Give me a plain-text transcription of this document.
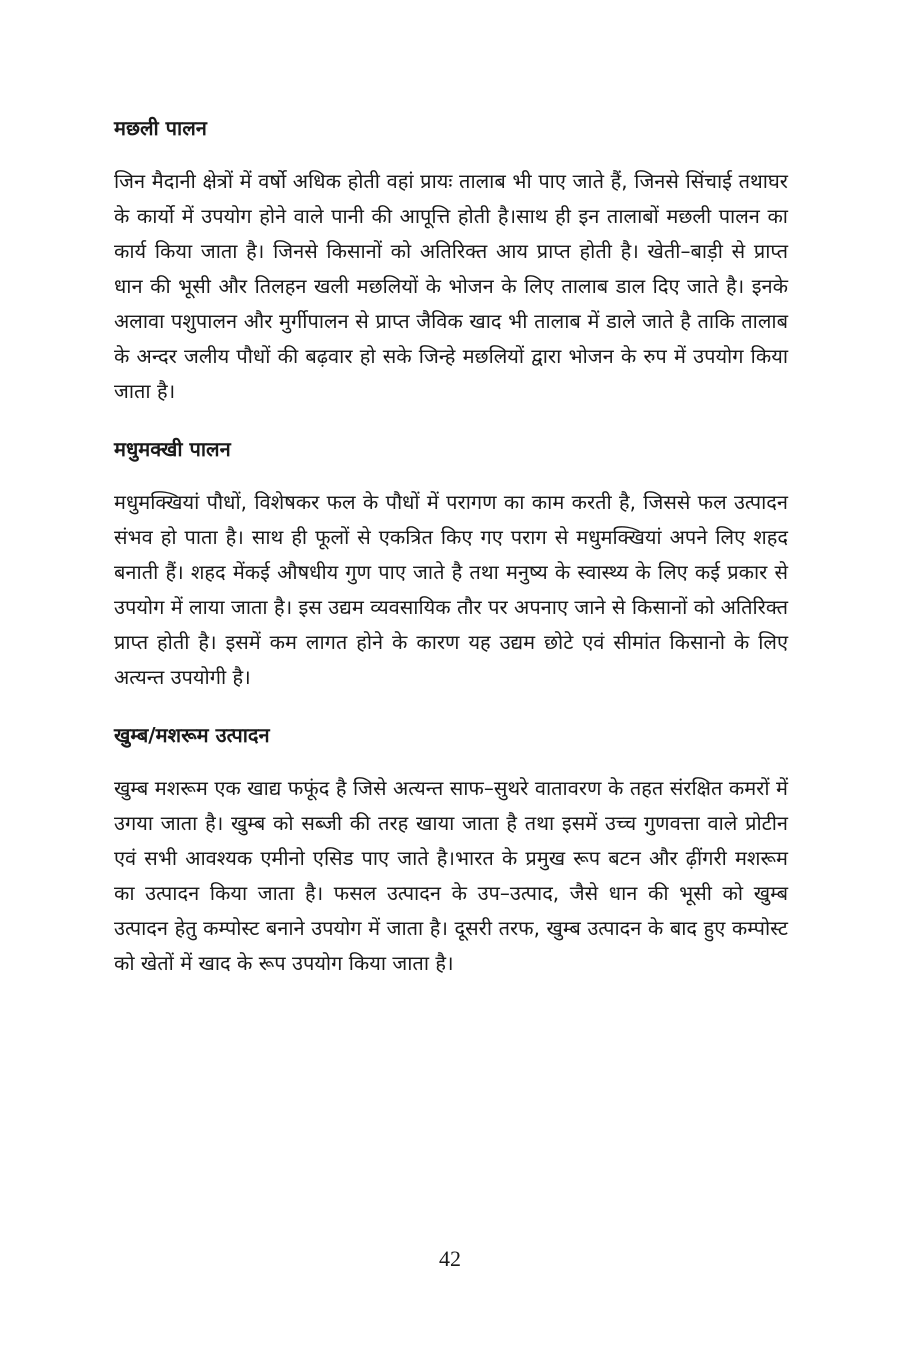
मछली पालन

जिन मैदानी क्षेत्रों में वर्षो अधिक होती वहां प्रायः तालाब भी पाए जाते हैं, जिनसे सिंचाई तथाघर के कार्यो में उपयोग होने वाले पानी की आपूत्ति होती है।साथ ही इन तालाबों मछली पालन का कार्य किया जाता है। जिनसे किसानों को अतिरिक्त आय प्राप्त होती है। खेती–बाड़ी से प्राप्त धान की भूसी और तिलहन खली मछलियों के भोजन के लिए तालाब डाल दिए जाते है। इनके अलावा पशुपालन और मुर्गीपालन से प्राप्त जैविक खाद भी तालाब में डाले जाते है ताकि तालाब के अन्दर जलीय पौधों की बढ़वार हो सके जिन्हे मछलियों द्वारा भोजन के रुप में उपयोग किया जाता है।

मधुमक्खी पालन

मधुमक्खियां पौधों, विशेषकर फल के पौधों में परागण का काम करती है, जिससे फल उत्पादन संभव हो पाता है। साथ ही फूलों से एकत्रित किए गए पराग से मधुमक्खियां अपने लिए शहद बनाती हैं। शहद मेंकई औषधीय गुण पाए जाते है तथा मनुष्य के स्वास्थ्य के लिए कई प्रकार से उपयोग में लाया जाता है। इस उद्यम व्यवसायिक तौर पर अपनाए जाने से किसानों को अतिरिक्त प्राप्त होती है। इसमें कम लागत होने के कारण यह उद्यम छोटे एवं सीमांत किसानो के लिए अत्यन्त उपयोगी है।

खुम्ब/मशरूम उत्पादन

खुम्ब मशरूम एक खाद्य फफूंद है जिसे अत्यन्त साफ–सुथरे वातावरण के तहत संरक्षित कमरों में उगया जाता है। खुम्ब को सब्जी की तरह खाया जाता है तथा इसमें उच्च गुणवत्ता वाले प्रोटीन एवं सभी आवश्यक एमीनो एसिड पाए जाते है।भारत के प्रमुख रूप बटन और ढ़ींगरी मशरूम का उत्पादन किया जाता है। फसल उत्पादन के उप–उत्पाद, जैसे धान की भूसी को खुम्ब उत्पादन हेतु कम्पोस्ट बनाने उपयोग में जाता है। दूसरी तरफ, खुम्ब उत्पादन के बाद हुए कम्पोस्ट को खेतों में खाद के रूप उपयोग किया जाता है।

42
